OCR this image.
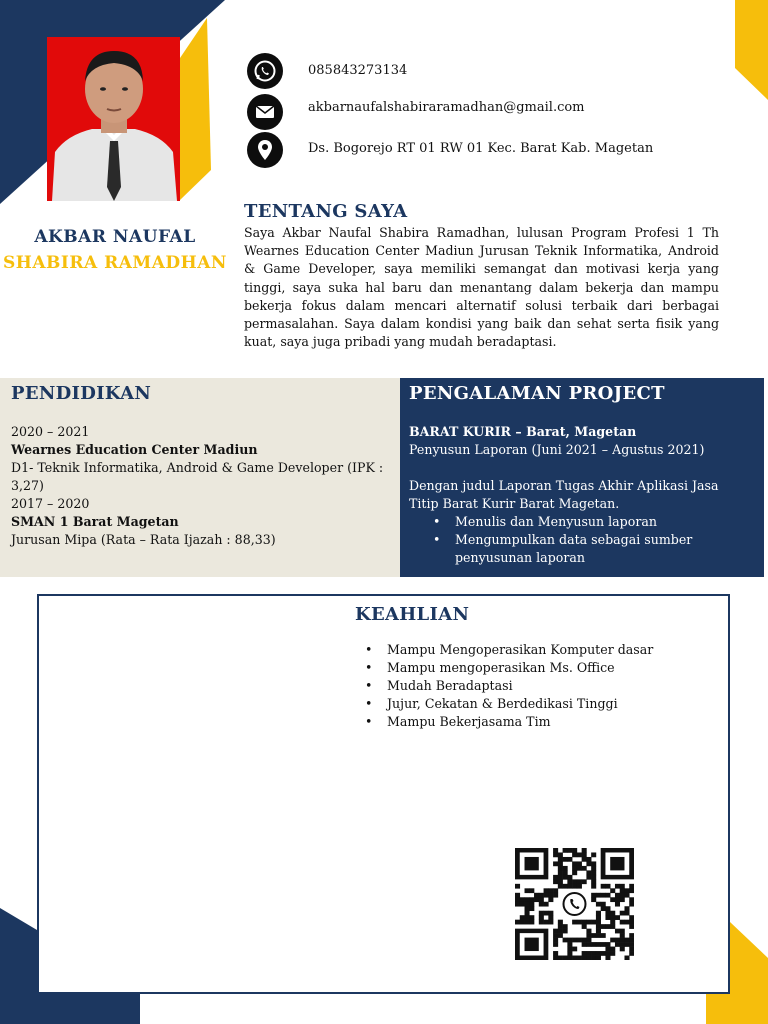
AKBAR NAUFAL
SHABIRA RAMADHAN
085843273134
akbarnaufalshabiraramadhan@gmail.com
Ds. Bogorejo RT 01 RW 01 Kec. Barat Kab. Magetan
TENTANG SAYA
Saya Akbar Naufal Shabira Ramadhan, lulusan Program Profesi 1 Th Wearnes Education Center Madiun Jurusan Teknik Informatika, Android & Game Developer, saya memiliki semangat dan motivasi kerja yang tinggi, saya suka hal baru dan menantang dalam bekerja dan mampu bekerja fokus dalam mencari alternatif solusi terbaik dari berbagai permasalahan. Saya dalam kondisi yang baik dan sehat serta fisik yang kuat, saya juga pribadi yang mudah beradaptasi.
PENDIDIKAN
2020 – 2021
Wearnes Education Center Madiun
D1- Teknik Informatika, Android & Game Developer (IPK : 3,27)
2017 – 2020
SMAN 1 Barat Magetan
Jurusan Mipa (Rata – Rata Ijazah : 88,33)
PENGALAMAN PROJECT
BARAT KURIR – Barat, Magetan
Penyusun Laporan (Juni 2021 – Agustus 2021)
Dengan judul Laporan Tugas Akhir Aplikasi Jasa Titip Barat Kurir Barat Magetan.
• Menulis dan Menyusun laporan
• Mengumpulkan data sebagai sumber penyusunan laporan
KEAHLIAN
• Mampu Mengoperasikan Komputer dasar
• Mampu mengoperasikan Ms. Office
• Mudah Beradaptasi
• Jujur, Cekatan & Berdedikasi Tinggi
• Mampu Bekerjasama Tim
